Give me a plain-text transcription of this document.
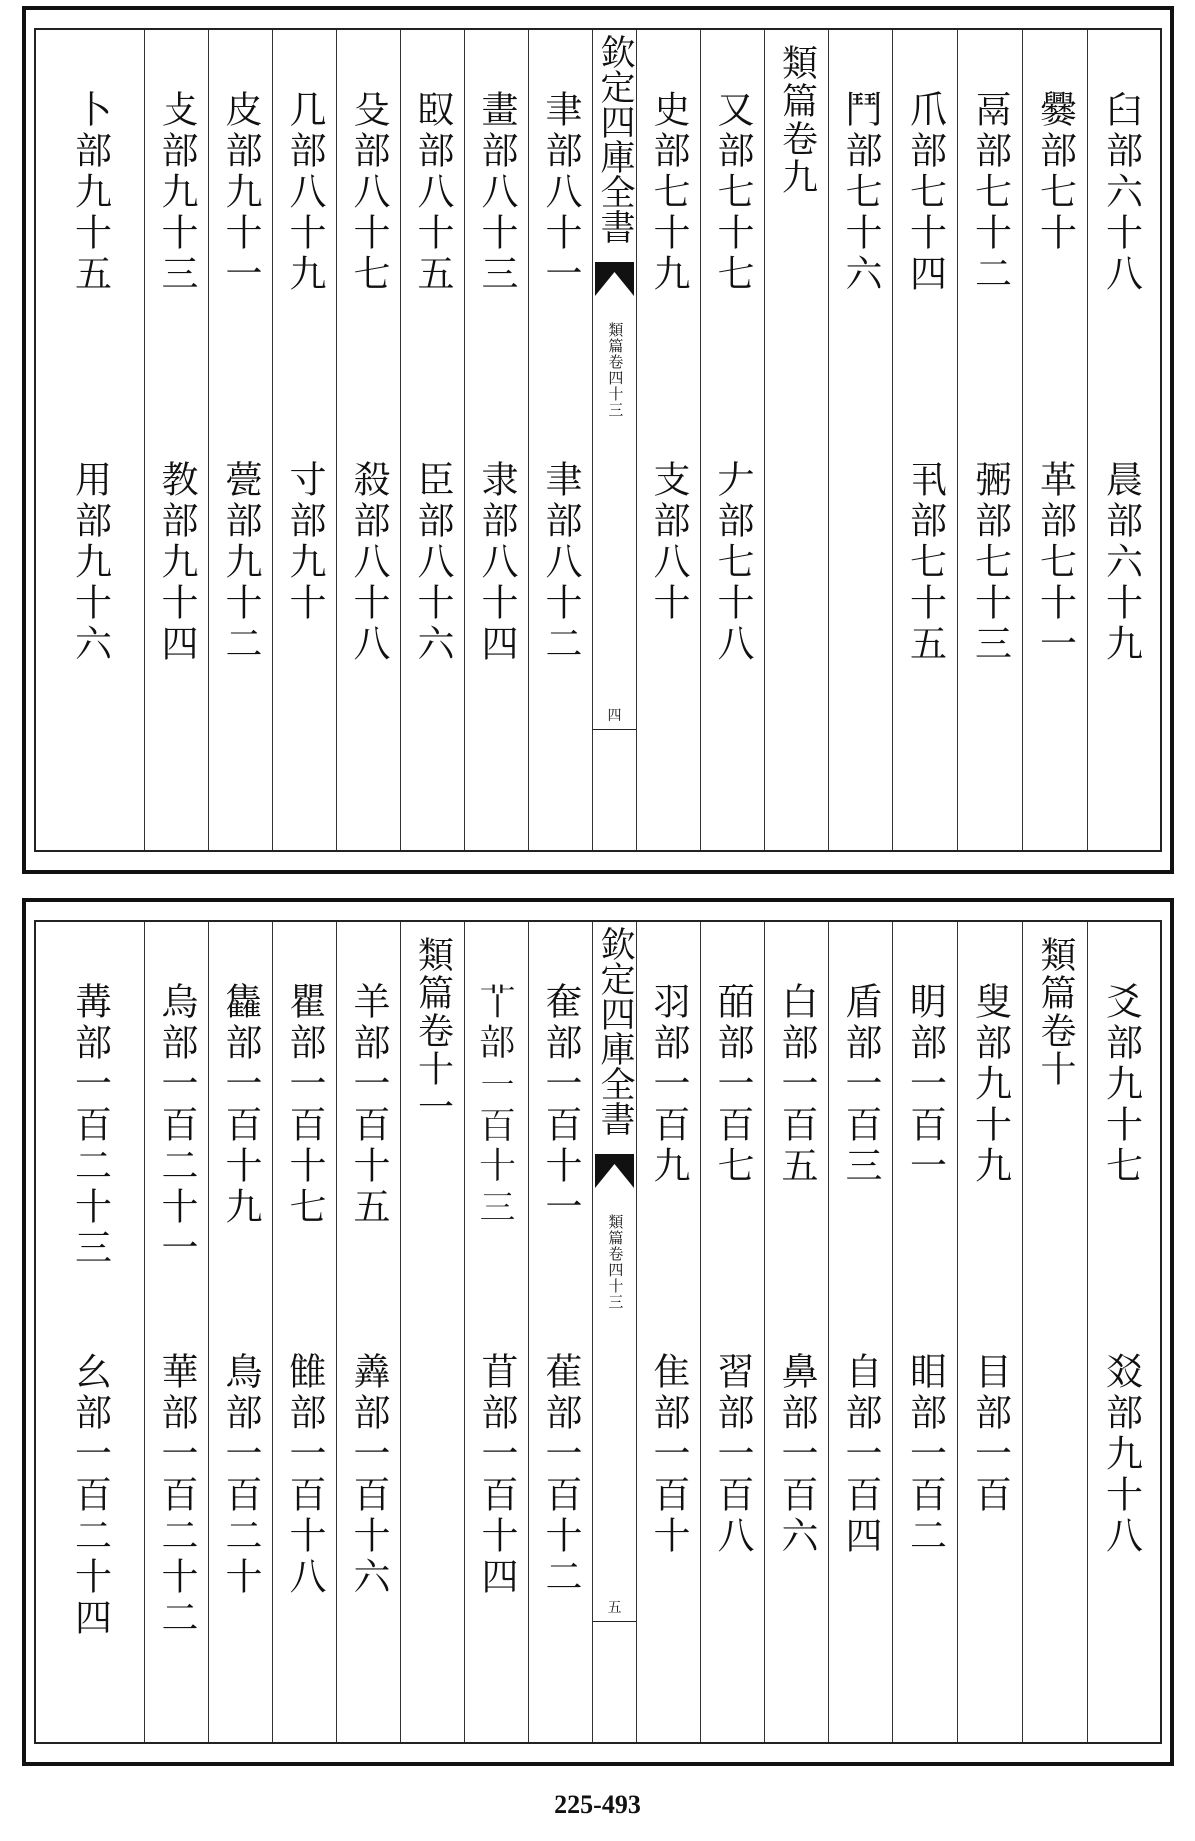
臼部六十八
晨部六十九
爨部七十
革部七十一
鬲部七十二
弻部七十三
爪部七十四
丮部七十五
鬥部七十六
類篇卷九
又部七十七
𠂇部七十八
史部七十九
支部八十
欽定四庫全書
類篇卷四十三
四
聿部八十一
聿部八十二
畫部八十三
隶部八十四
臤部八十五
臣部八十六
殳部八十七
殺部八十八
几部八十九
寸部九十
皮部九十一
甍部九十二
攴部九十三
教部九十四
卜部九十五
用部九十六
爻部九十七
㸚部九十八
類篇卷十
叟部九十九
目部一百
眀部一百一
䀠部一百二
盾部一百三
自部一百四
白部一百五
鼻部一百六
皕部一百七
習部一百八
羽部一百九
隹部一百十
欽定四庫全書
類篇卷四十三
五
奞部一百十一
萑部一百十二
𦫳部一百十三
苜部一百十四
類篇卷十一
羊部一百十五
羴部一百十六
瞿部一百十七
雔部一百十八
雥部一百十九
鳥部一百二十
烏部一百二十一
華部一百二十二
冓部一百二十三
幺部一百二十四
225-493
